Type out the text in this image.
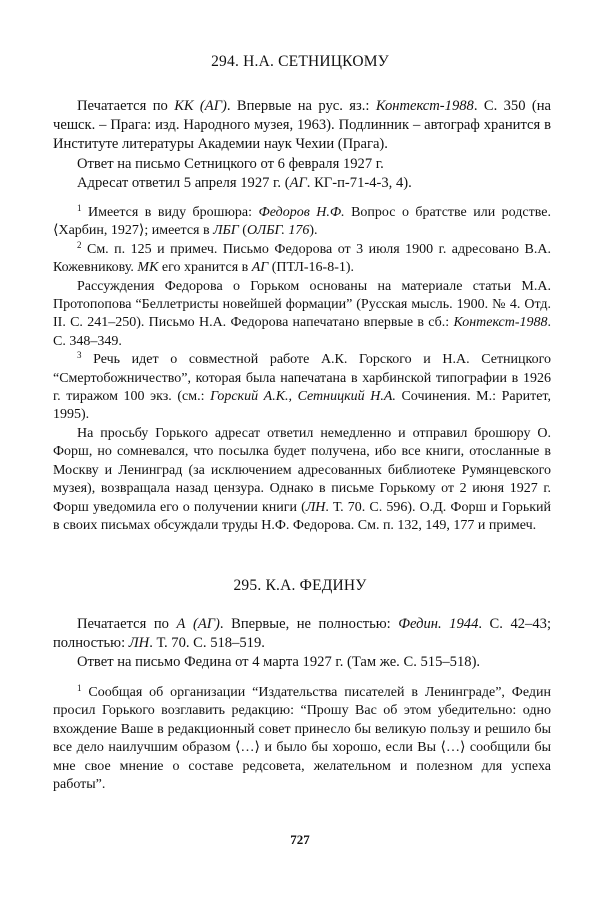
294. Н.А. СЕТНИЦКОМУ

Печатается по КК (АГ). Впервые на рус. яз.: Контекст-1988. С. 350 (на чешск. – Прага: изд. Народного музея, 1963). Подлинник – автограф хранится в Институте литературы Академии наук Чехии (Прага).

Ответ на письмо Сетницкого от 6 февраля 1927 г.

Адресат ответил 5 апреля 1927 г. (АГ. КГ-п-71-4-3, 4).

$^1$ Имеется в виду брошюра: Федоров Н.Ф. Вопрос о братстве или родстве. ⟨Харбин, 1927⟩; имеется в ЛБГ (ОЛБГ. 176).

$^2$ См. п. 125 и примеч. Письмо Федорова от 3 июля 1900 г. адресовано В.А. Кожевникову. МК его хранится в АГ (ПТЛ-16-8-1).

Рассуждения Федорова о Горьком основаны на материале статьи М.А. Протопопова “Беллетристы новейшей формации” (Русская мысль. 1900. № 4. Отд. II. С. 241–250). Письмо Н.А. Федорова напечатано впервые в сб.: Контекст-1988. С. 348–349.

$^3$ Речь идет о совместной работе А.К. Горского и Н.А. Сетницкого “Смертобожничество”, которая была напечатана в харбинской типографии в 1926 г. тиражом 100 экз. (см.: Горский А.К., Сетницкий Н.А. Сочинения. М.: Раритет, 1995).

На просьбу Горького адресат ответил немедленно и отправил брошюру О. Форш, но сомневался, что посылка будет получена, ибо все книги, отосланные в Москву и Ленинград (за исключением адресованных библиотеке Румянцевского музея), возвращала назад цензура. Однако в письме Горькому от 2 июня 1927 г. Форш уведомила его о получении книги (ЛН. Т. 70. С. 596). О.Д. Форш и Горький в своих письмах обсуждали труды Н.Ф. Федорова. См. п. 132, 149, 177 и примеч.

295. К.А. ФЕДИНУ

Печатается по А (АГ). Впервые, не полностью: Федин. 1944. С. 42–43; полностью: ЛН. Т. 70. С. 518–519.

Ответ на письмо Федина от 4 марта 1927 г. (Там же. С. 515–518).

$^1$ Сообщая об организации “Издательства писателей в Ленинграде”, Федин просил Горького возглавить редакцию: “Прошу Вас об этом убедительно: одно вхождение Ваше в редакционный совет принесло бы великую пользу и решило бы все дело наилучшим образом ⟨…⟩ и было бы хорошо, если Вы ⟨…⟩ сообщили бы мне свое мнение о составе редсовета, желательном и полезном для успеха работы”.

727
